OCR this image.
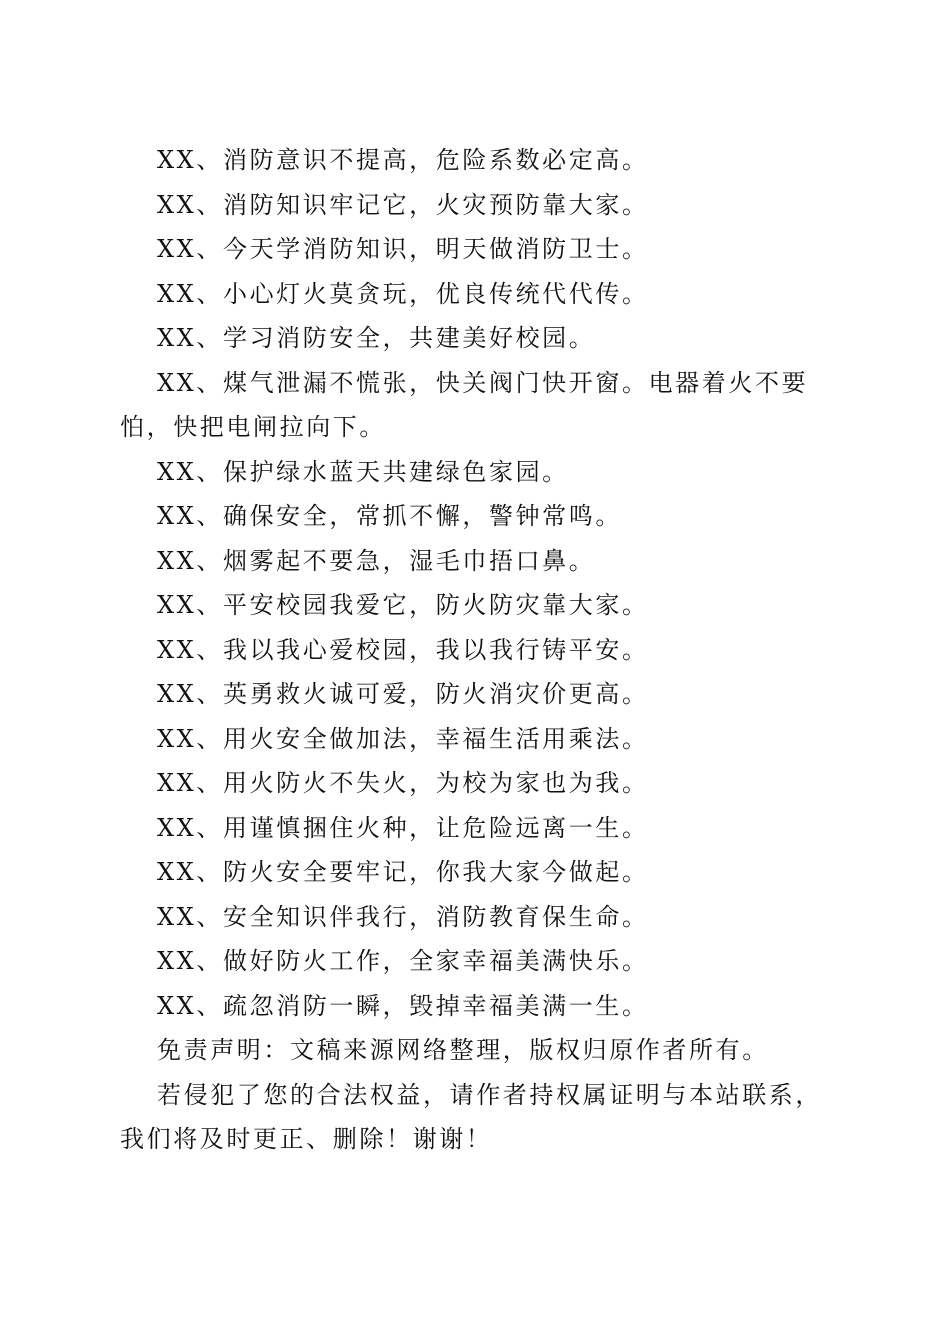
XX、消防意识不提高，危险系数必定高。

XX、消防知识牢记它，火灾预防靠大家。

XX、今天学消防知识，明天做消防卫士。

XX、小心灯火莫贪玩，优良传统代代传。

XX、学习消防安全，共建美好校园。

XX、煤气泄漏不慌张，快关阀门快开窗。电器着火不要怕，快把电闸拉向下。

XX、保护绿水蓝天共建绿色家园。

XX、确保安全，常抓不懈，警钟常鸣。

XX、烟雾起不要急，湿毛巾捂口鼻。

XX、平安校园我爱它，防火防灾靠大家。

XX、我以我心爱校园，我以我行铸平安。

XX、英勇救火诚可爱，防火消灾价更高。

XX、用火安全做加法，幸福生活用乘法。

XX、用火防火不失火，为校为家也为我。

XX、用谨慎捆住火种，让危险远离一生。

XX、防火安全要牢记，你我大家今做起。

XX、安全知识伴我行，消防教育保生命。

XX、做好防火工作，全家幸福美满快乐。

XX、疏忽消防一瞬，毁掉幸福美满一生。

免责声明：文稿来源网络整理，版权归原作者所有。

若侵犯了您的合法权益，请作者持权属证明与本站联系，我们将及时更正、删除！谢谢！
